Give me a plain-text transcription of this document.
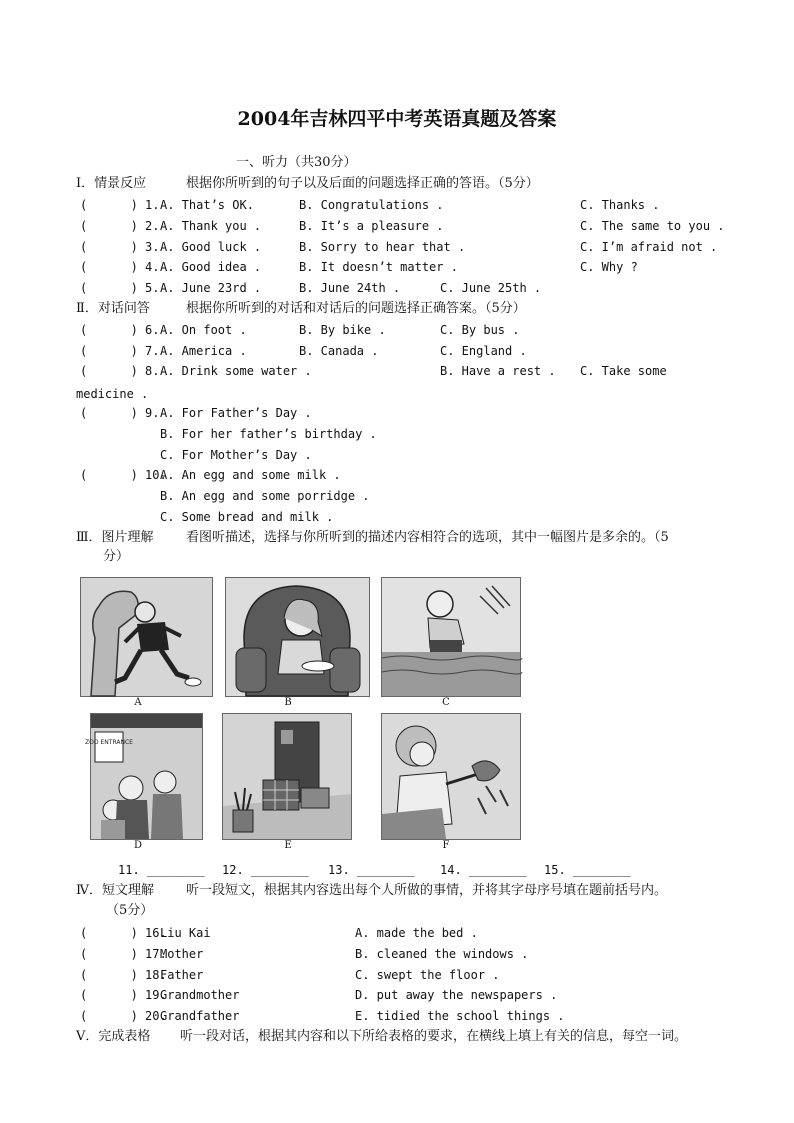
2004年吉林四平中考英语真题及答案
一、听力（共30分）
Ⅰ．情景反应	根据你所听到的句子以及后面的问题选择正确的答语。（5分）
(      ) 1. A. That’s OK.	B. Congratulations .	C. Thanks .
(      ) 2. A. Thank you .	B. It’s a pleasure .	C. The same to you .
(      ) 3. A. Good luck .	B. Sorry to hear that .	C. I’m afraid not .
(      ) 4. A. Good idea .	B. It doesn’t matter .	C. Why ?
(      ) 5. A. June 23rd .	B. June 24th .	C. June 25th .
Ⅱ．对话问答	根据你所听到的对话和对话后的问题选择正确答案。（5分）
(      ) 6. A. On foot .	B. By bike .	C. By bus .
(      ) 7. A. America .	B. Canada .	C. England .
(      ) 8. A. Drink some water .	B. Have a rest . C. Take some
medicine .
(      ) 9. A. For Father’s Day .
B. For her father’s birthday .
C. For Mother’s Day .
(      ) 10.
A. An egg and some milk .
B. An egg and some porridge .
C. Some bread and milk .
Ⅲ．图片理解 看图听描述，选择与你所听到的描述内容相符合的选项，其中一幅图片是多余的。（5
分）
ZOO ENTRANCE
A	B	C
D	E	F
11. ________ 12. ________ 13. ________ 14. ________ 15. ________
Ⅳ．短文理解 听一段短文，根据其内容选出每个人所做的事情，并将其字母序号填在题前括号内。
（5分）
(      ) 16.
Liu Kai	A. made the bed .
(      ) 17.
Mother	B. cleaned the windows .
(      ) 18.
Father	C. swept the floor .
(      ) 19.
Grandmother	D. put away the newspapers .
(      ) 20.
Grandfather	E. tidied the school things .
V．完成表格 听一段对话，根据其内容和以下所给表格的要求，在横线上填上有关的信息，每空一词。
